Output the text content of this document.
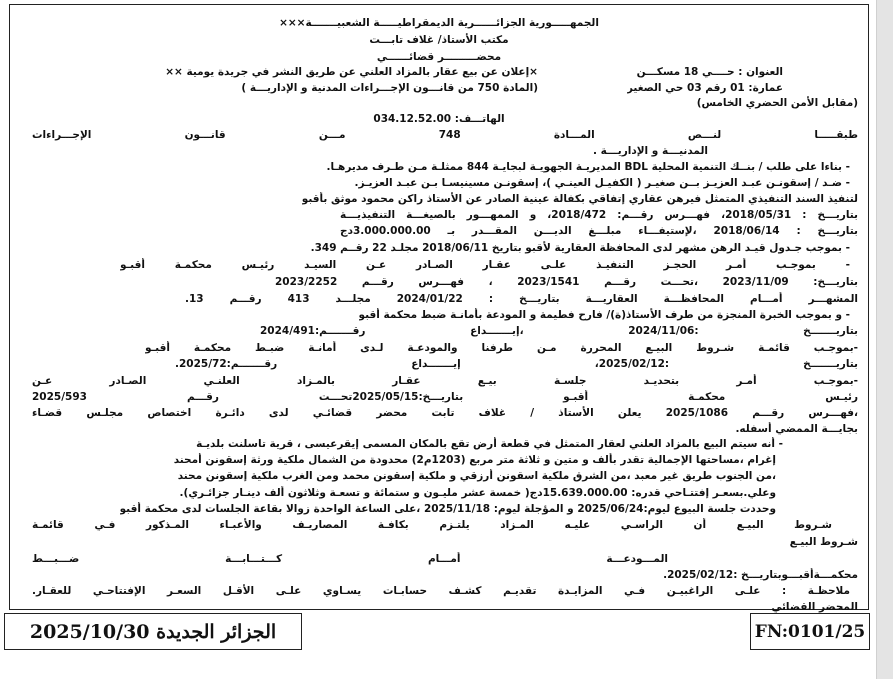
الجمهـــــورية الجزائــــــرية الديمقراطيـــــة الشعبيـــــــة×××
مكتب الأستاذ/ غلاف تابـــت
محضـــــــــر قضائــــــي
العنوان : حــــي 18 مسكـــن
عمارة: 01 رقم 03 حي الصغير
(مقابل الأمن الحضري الخامس)
×إعلان عن بيع عقار بالمزاد العلني عن طريق النشر في جريدة يومية ××
(المادة 750 من قانـــون الإجـــراءات المدنية و الإداريـــة )
الهاتـــف: 034.12.52.00
طبقـــــا لنـــص المـــادة 748 مـــن قانـــون الإجـــراءات
المدنيـــة و الإداريـــة .
- بناءا على طلب / بنــك التنمية المحلية BDL المديريـة الجهويـة لبجايـة 844 ممثلـة مـن طـرف مديرهـا.
- ضـد / إسقونـن عبـد العزيـز بــن صغيـر ( الكفيـل العينـي )، إسقونـن مسينيسـا بـن عبـد العزيـز.
لتنفيذ السند التنفيذي المتمثل فيرهن عقاري إتفاقي بكفالة عينية الصادر عن الأستاذ راكن محمود موثق بأقبو
بتاريـــخ : 2018/05/31، فهـــرس رقـــم: 2018/472، و الممهـــور بالصيغـــة التنفيذيـــة
بتاريـــخ : 2018/06/14 ،لإستيفـــاء مبلـــغ الديـــن المقـــدر بـ 3.000.000.00دج
- بموجب جـدول قيـد الرهن مشهر لدى المحافظة العقارية لأقبو بتاريخ 2018/06/11 مجلـد 22 رقــم 349.
- بموجـب أمـر الحجـز التنفيـذ علـى عقـار الصـادر عـن السيـد رئيـس محكمـة أقبـو
بتاريـــخ: 2023/11/09 ،تحـــت رقـــم 2023/1541 ، فهـــرس رقـــم 2023/2252
المشهـــر أمـــام المحافظـــة العقاريـــة بتاريـــخ : 2024/01/22 مجلـــد 413 رقـــم 13.
- و بموجب الخبرة المنجزة من طرف الأستاذ(ة)/ فارح فطيمة و المودعة بأمانـة ضبط محكمة أقبو
بتاريـــــــخ :2024/11/06 ،إيـــــــداع رقـــــــم:2024/491
-بموجـب قائمـة شـروط البيـع المحررة مـن طرفنا والمودعـة لـدى أمانـة ضبـط محكمـة أقبـو
بتاريـــــــخ :2025/02/12، إيـــــــداع رقـــــــم:2025/72.
-بموجـب أمـر بتحديـد جلسـة بيـع عقـار بالمـزاد العلنـي الصـادر عـن
رئيـس محكمـة أقبـو بتاريـــخ:2025/05/15تحـــت رقـــم 2025/593
،فهـــرس رقـــم 2025/1086 يعلن الأستاذ / غلاف تابت محضر قضائـي لدى دائـرة اختصاص مجلـس قضـاء
بجايـــة الممضي أسفله.
- أنه سيتم البيع بالمزاد العلني لعقار المتمثل في قطعة أرض تقع بالمكان المسمى إيقرعيسى ، قرية تاسلنت بلديـة
إغرام ،مساحتها الإجمالية تقدر بألف و متين و ثلاثة متر مربع (1203م2) محدودة من الشمال ملكية ورثة إسقونن أمحند
،من الجنوب طريق غير معبد ،من الشرق ملكية اسقونن أرزقي و ملكية إسقونن محمد ومن الغرب ملكية إسقونن محند
وعلي.بسعـر إفتتـاحي قدره: 15.639.000.00دج( خمسة عشر مليـون و ستمائة و تسعـة وثلاثون ألف دينـار جزائـري).
وحددت جلسة البيوع ليوم:2025/06/24 و المؤجلة ليوم: 2025/11/18 ،على الساعة الواحدة زوالا بقاعة الجلسات لدى محكمة أقبو
شـروط البيـع أن الراسـي عليـه المـزاد يلتـزم بكافـة المصاريـف والأعبـاء المـذكور فـي قائمـة
شـروط البيـع
المـــودعـــة أمـــام كـــتـــابـــة ضـــبـــط
محكمـــةأقبـــوبتاريـــخ :2025/02/12.
ملاحظـة : علـى الراغبيـن فـي المزايـدة تقديـم كشـف حسابـات يسـاوي علـى الأقـل السعـر الإفتتاحـي للعقـار.
المحضر القضائي
الجزائر الجديدة 2025/10/30	FN:0101/25
